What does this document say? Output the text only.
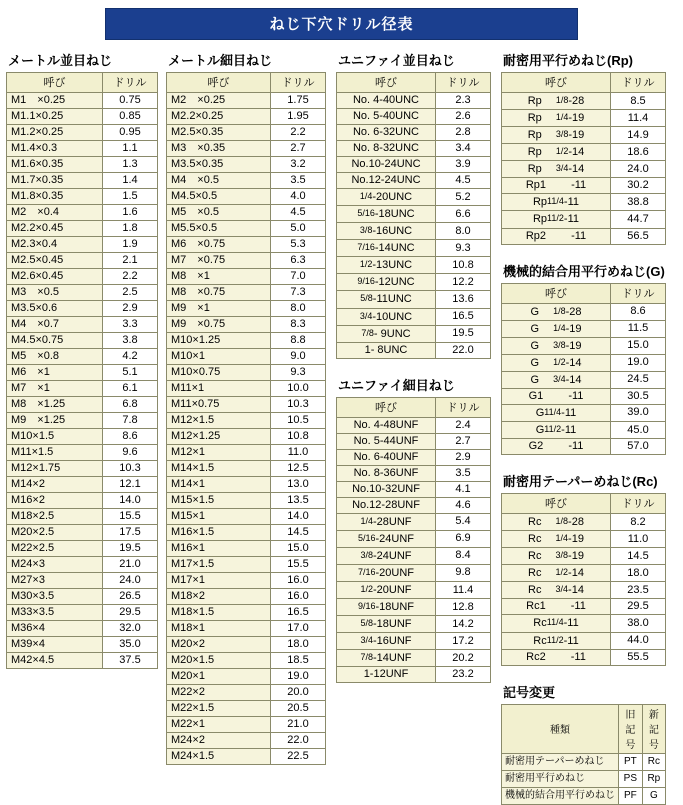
ねじ下穴ドリル径表
メートル並目ねじ
呼び	ドリル
M1　×0.25	0.75
M1.1×0.25	0.85
M1.2×0.25	0.95
M1.4×0.3	1.1
M1.6×0.35	1.3
M1.7×0.35	1.4
M1.8×0.35	1.5
M2　×0.4	1.6
M2.2×0.45	1.8
M2.3×0.4	1.9
M2.5×0.45	2.1
M2.6×0.45	2.2
M3　×0.5	2.5
M3.5×0.6	2.9
M4　×0.7	3.3
M4.5×0.75	3.8
M5　×0.8	4.2
M6　×1	5.1
M7　×1	6.1
M8　×1.25	6.8
M9　×1.25	7.8
M10×1.5	8.6
M11×1.5	9.6
M12×1.75	10.3
M14×2	12.1
M16×2	14.0
M18×2.5	15.5
M20×2.5	17.5
M22×2.5	19.5
M24×3	21.0
M27×3	24.0
M30×3.5	26.5
M33×3.5	29.5
M36×4	32.0
M39×4	35.0
M42×4.5	37.5
メートル細目ねじ
呼び	ドリル
M2　×0.25	1.75
M2.2×0.25	1.95
M2.5×0.35	2.2
M3　×0.35	2.7
M3.5×0.35	3.2
M4　×0.5	3.5
M4.5×0.5	4.0
M5　×0.5	4.5
M5.5×0.5	5.0
M6　×0.75	5.3
M7　×0.75	6.3
M8　×1	7.0
M8　×0.75	7.3
M9　×1	8.0
M9　×0.75	8.3
M10×1.25	8.8
M10×1	9.0
M10×0.75	9.3
M11×1	10.0
M11×0.75	10.3
M12×1.5	10.5
M12×1.25	10.8
M12×1	11.0
M14×1.5	12.5
M14×1	13.0
M15×1.5	13.5
M15×1	14.0
M16×1.5	14.5
M16×1	15.0
M17×1.5	15.5
M17×1	16.0
M18×2	16.0
M18×1.5	16.5
M18×1	17.0
M20×2	18.0
M20×1.5	18.5
M20×1	19.0
M22×2	20.0
M22×1.5	20.5
M22×1	21.0
M24×2	22.0
M24×1.5	22.5
ユニファイ並目ねじ
呼び	ドリル
No. 4-40UNC	2.3
No. 5-40UNC	2.6
No. 6-32UNC	2.8
No. 8-32UNC	3.4
No.10-24UNC	3.9
No.12-24UNC	4.5
1/4-20UNC	5.2
5/16-18UNC	6.6
3/8-16UNC	8.0
7/16-14UNC	9.3
1/2-13UNC	10.8
9/16-12UNC	12.2
5/8-11UNC	13.6
3/4-10UNC	16.5
7/8- 9UNC	19.5
1- 8UNC	22.0
ユニファイ細目ねじ
呼び	ドリル
No. 4-48UNF	2.4
No. 5-44UNF	2.7
No. 6-40UNF	2.9
No. 8-36UNF	3.5
No.10-32UNF	4.1
No.12-28UNF	4.6
1/4-28UNF	5.4
5/16-24UNF	6.9
3/8-24UNF	8.4
7/16-20UNF	9.8
1/2-20UNF	11.4
9/16-18UNF	12.8
5/8-18UNF	14.2
3/4-16UNF	17.2
7/8-14UNF	20.2
1-12UNF	23.2
耐密用平行めねじ(Rp)
呼び	ドリル
Rp 　1/8-28	8.5
Rp 　1/4-19	11.4
Rp 　3/8-19	14.9
Rp 　1/2-14	18.6
Rp 　3/4-14	24.0
Rp1 　　-11	30.2
Rp11/4-11	38.8
Rp11/2-11	44.7
Rp2 　　-11	56.5
機械的結合用平行めねじ(G)
呼び	ドリル
G 　1/8-28	8.6
G 　1/4-19	11.5
G 　3/8-19	15.0
G 　1/2-14	19.0
G 　3/4-14	24.5
G1 　　-11	30.5
G11/4-11	39.0
G11/2-11	45.0
G2 　　-11	57.0
耐密用テーパーめねじ(Rc)
呼び	ドリル
Rc 　1/8-28	8.2
Rc 　1/4-19	11.0
Rc 　3/8-19	14.5
Rc 　1/2-14	18.0
Rc 　3/4-14	23.5
Rc1 　　-11	29.5
Rc11/4-11	38.0
Rc11/2-11	44.0
Rc2 　　-11	55.5
記号変更
種類	旧記号	新記号
耐密用テーパーめねじ	PT	Rc
耐密用平行めねじ	PS	Rp
機械的結合用平行めねじ	PF	G
